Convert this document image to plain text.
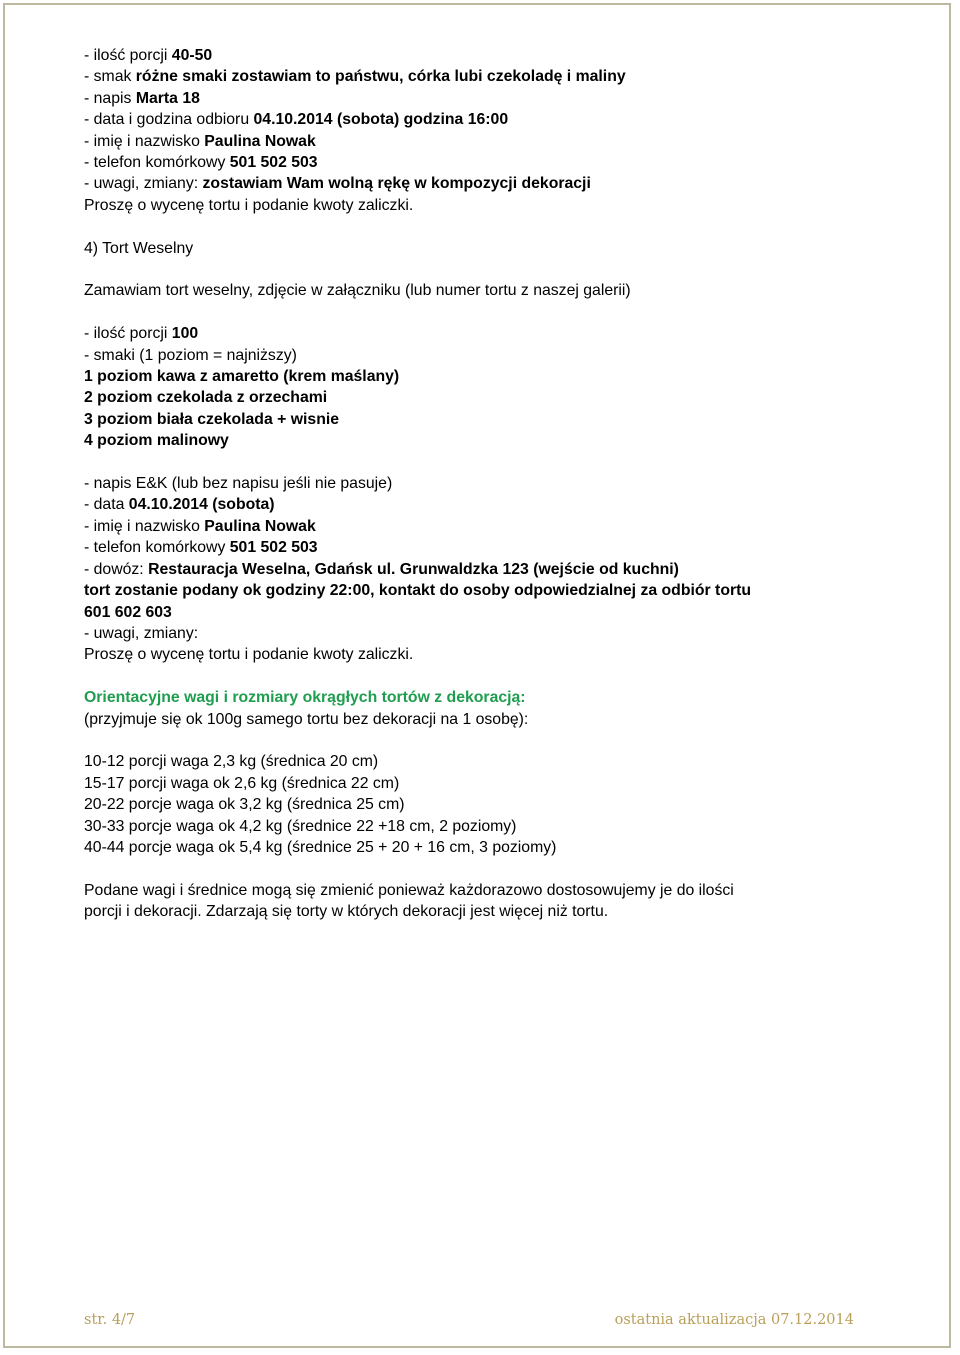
- ilość porcji 40-50
- smak różne smaki zostawiam to państwu, córka lubi czekoladę i maliny
- napis Marta 18
- data i godzina odbioru 04.10.2014 (sobota) godzina 16:00
- imię i nazwisko Paulina Nowak
- telefon komórkowy 501 502 503
- uwagi, zmiany: zostawiam Wam wolną rękę w kompozycji dekoracji
Proszę o wycenę tortu i podanie kwoty zaliczki.
4) Tort Weselny
Zamawiam tort weselny, zdjęcie w załączniku (lub numer tortu z naszej galerii)
- ilość porcji 100
- smaki (1 poziom = najniższy)
1 poziom kawa z amaretto (krem maślany)
2 poziom czekolada z orzechami
3 poziom biała czekolada + wisnie
4 poziom malinowy
- napis E&K (lub bez napisu jeśli nie pasuje)
- data 04.10.2014 (sobota)
- imię i nazwisko Paulina Nowak
- telefon komórkowy 501 502 503
- dowóz: Restauracja Weselna, Gdańsk ul. Grunwaldzka 123 (wejście od kuchni)
tort zostanie podany ok godziny 22:00, kontakt do osoby odpowiedzialnej za odbiór tortu
601 602 603
- uwagi, zmiany:
Proszę o wycenę tortu i podanie kwoty zaliczki.
Orientacyjne wagi i rozmiary okrągłych tortów z dekoracją:
(przyjmuje się ok 100g samego tortu bez dekoracji na 1 osobę):
10-12 porcji waga 2,3 kg (średnica 20 cm)
15-17 porcji waga ok 2,6 kg (średnica 22 cm)
20-22 porcje waga ok 3,2 kg (średnica 25 cm)
30-33 porcje waga ok 4,2 kg (średnice 22 +18 cm, 2 poziomy)
40-44 porcje waga ok 5,4 kg (średnice 25 + 20 + 16 cm, 3 poziomy)
Podane wagi i średnice mogą się zmienić ponieważ każdorazowo dostosowujemy je do ilości
porcji i dekoracji. Zdarzają się torty w których dekoracji jest więcej niż tortu.
str. 4/7	ostatnia aktualizacja 07.12.2014
